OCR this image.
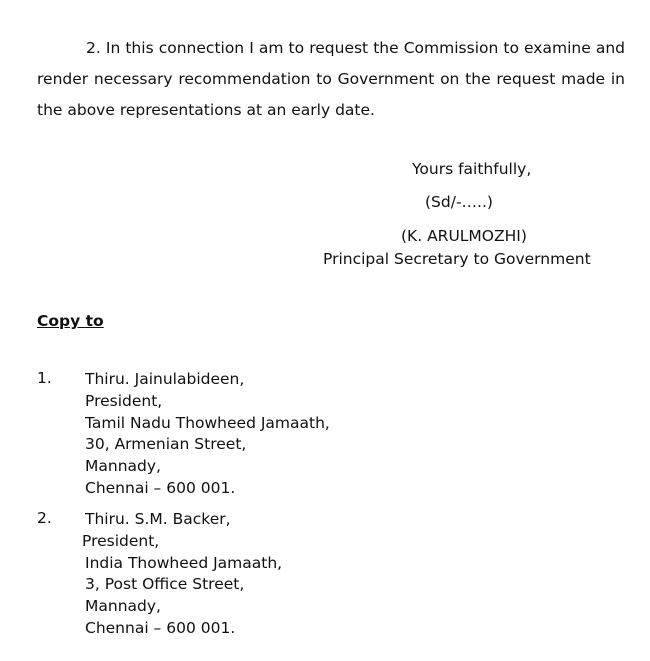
2. In this connection I am to request the Commission to examine and render necessary recommendation to Government on the request made in the above representations at an early date.

Yours faithfully,

(Sd/-…..)

(K. ARULMOZHI)

Principal Secretary to Government

Copy to

1. Thiru. Jainulabideen,
President,
Tamil Nadu Thowheed Jamaath,
30, Armenian Street,
Mannady,
Chennai – 600 001.
2. Thiru. S.M. Backer,
President,
India Thowheed Jamaath,
3, Post Office Street,
Mannady,
Chennai – 600 001.
